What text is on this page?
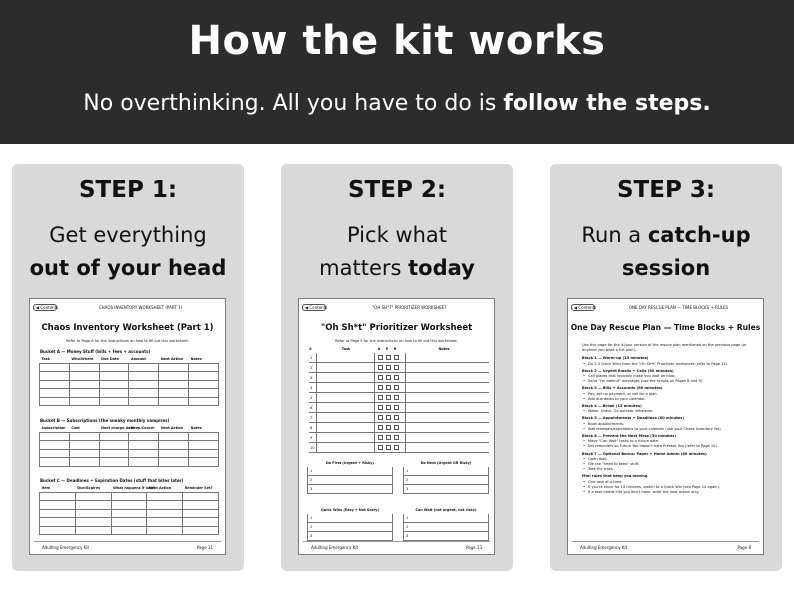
How the kit works
No overthinking. All you have to do is follow the steps.
STEP 1:
Get everything
out of your head
◀ Contents	CHAOS INVENTORY WORKSHEET (PART 1)
Chaos Inventory Worksheet (Part 1)
Refer to Page 6 for the instructions on how to fill out this worksheet.
Bucket A — Money Stuff (bills + fees + accounts)
Task	Who/Where	Due Date	Amount	Next Action	Notes

Bucket B — Subscriptions (the sneaky monthly vampires)
Subscription	Cost	Next charge date	Keep/Cancel	Next Action	Notes

Bucket C — Deadlines + Expiration Dates (stuff that bites later)
Item	Due/Expires	What happens if late?	Next Action	Reminder Set?

Adulting Emergency Kit	Page 11
STEP 2:
Pick what
matters today
◀ Contents	"OH SH*T" PRIORITIZER WORKSHEET
"Oh Sh*t" Prioritizer Worksheet
Refer to Page 5 for the instructions on how to fill out this worksheet.
#	Task	U	E	R	Notes
1
2
3
4
5
6
7
8
9
10
Do First (Urgent + Risky)
1
2
3
Do Next (Urgent OR Risky)
1
2
3
Quick Wins (Easy + Not Scary)
1
2
3
Can Wait (not urgent, not risky)
1
2
3
Adulting Emergency Kit	Page 13
STEP 3:
Run a catch-up
session
◀ Contents	ONE DAY RESCUE PLAN — TIME BLOCKS + RULES
One Day Rescue Plan — Time Blocks + Rules
Use this page for the 4-hour version of the rescue plan mentioned on the previous page (or anytime you want a full plan).
Block 1 — Warm-up (15 minutes)
• Do 2-3 Quick Wins from the "Oh Sh*t" Prioritizer worksheet (refer to Page 14).
Block 2 — Urgent Emails + Calls (60 minutes)
• Call places that typically make you wait on hold.
• Send "I'm behind" messages (use the scripts on Pages 8 and 9).
Block 3 — Bills + Accounts (60 minutes)
• Pay, set up payment, or call for a plan.
• Add due dates to your calendar.
Block 4 — Break (15 minutes)
• Water. Snack. Go outside. Whatever.
Block 5 — Appointments + Deadlines (60 minutes)
• Book appointments.
• Add renewals/expirations to your calendar (use your Chaos Inventory list).
Block 6 — Prevent the Next Mess (30 minutes)
• Move "Can Wait" tasks to a future date.
• Set reminders so Future You doesn't hate Present You (refer to Page 10).
Block 7 — Optional Bonus: Paper + Home Admin (60 minutes)
• Open mail.
• File the "need to keep" stuff.
• Toss the trash.
Mini rules that keep you moving
• One task at a time.
• If you're stuck for 10 minutes, switch to a Quick Win (see Page 14 again).
• If a task needs info you don't have, write the next action only.
Adulting Emergency Kit	Page 8
